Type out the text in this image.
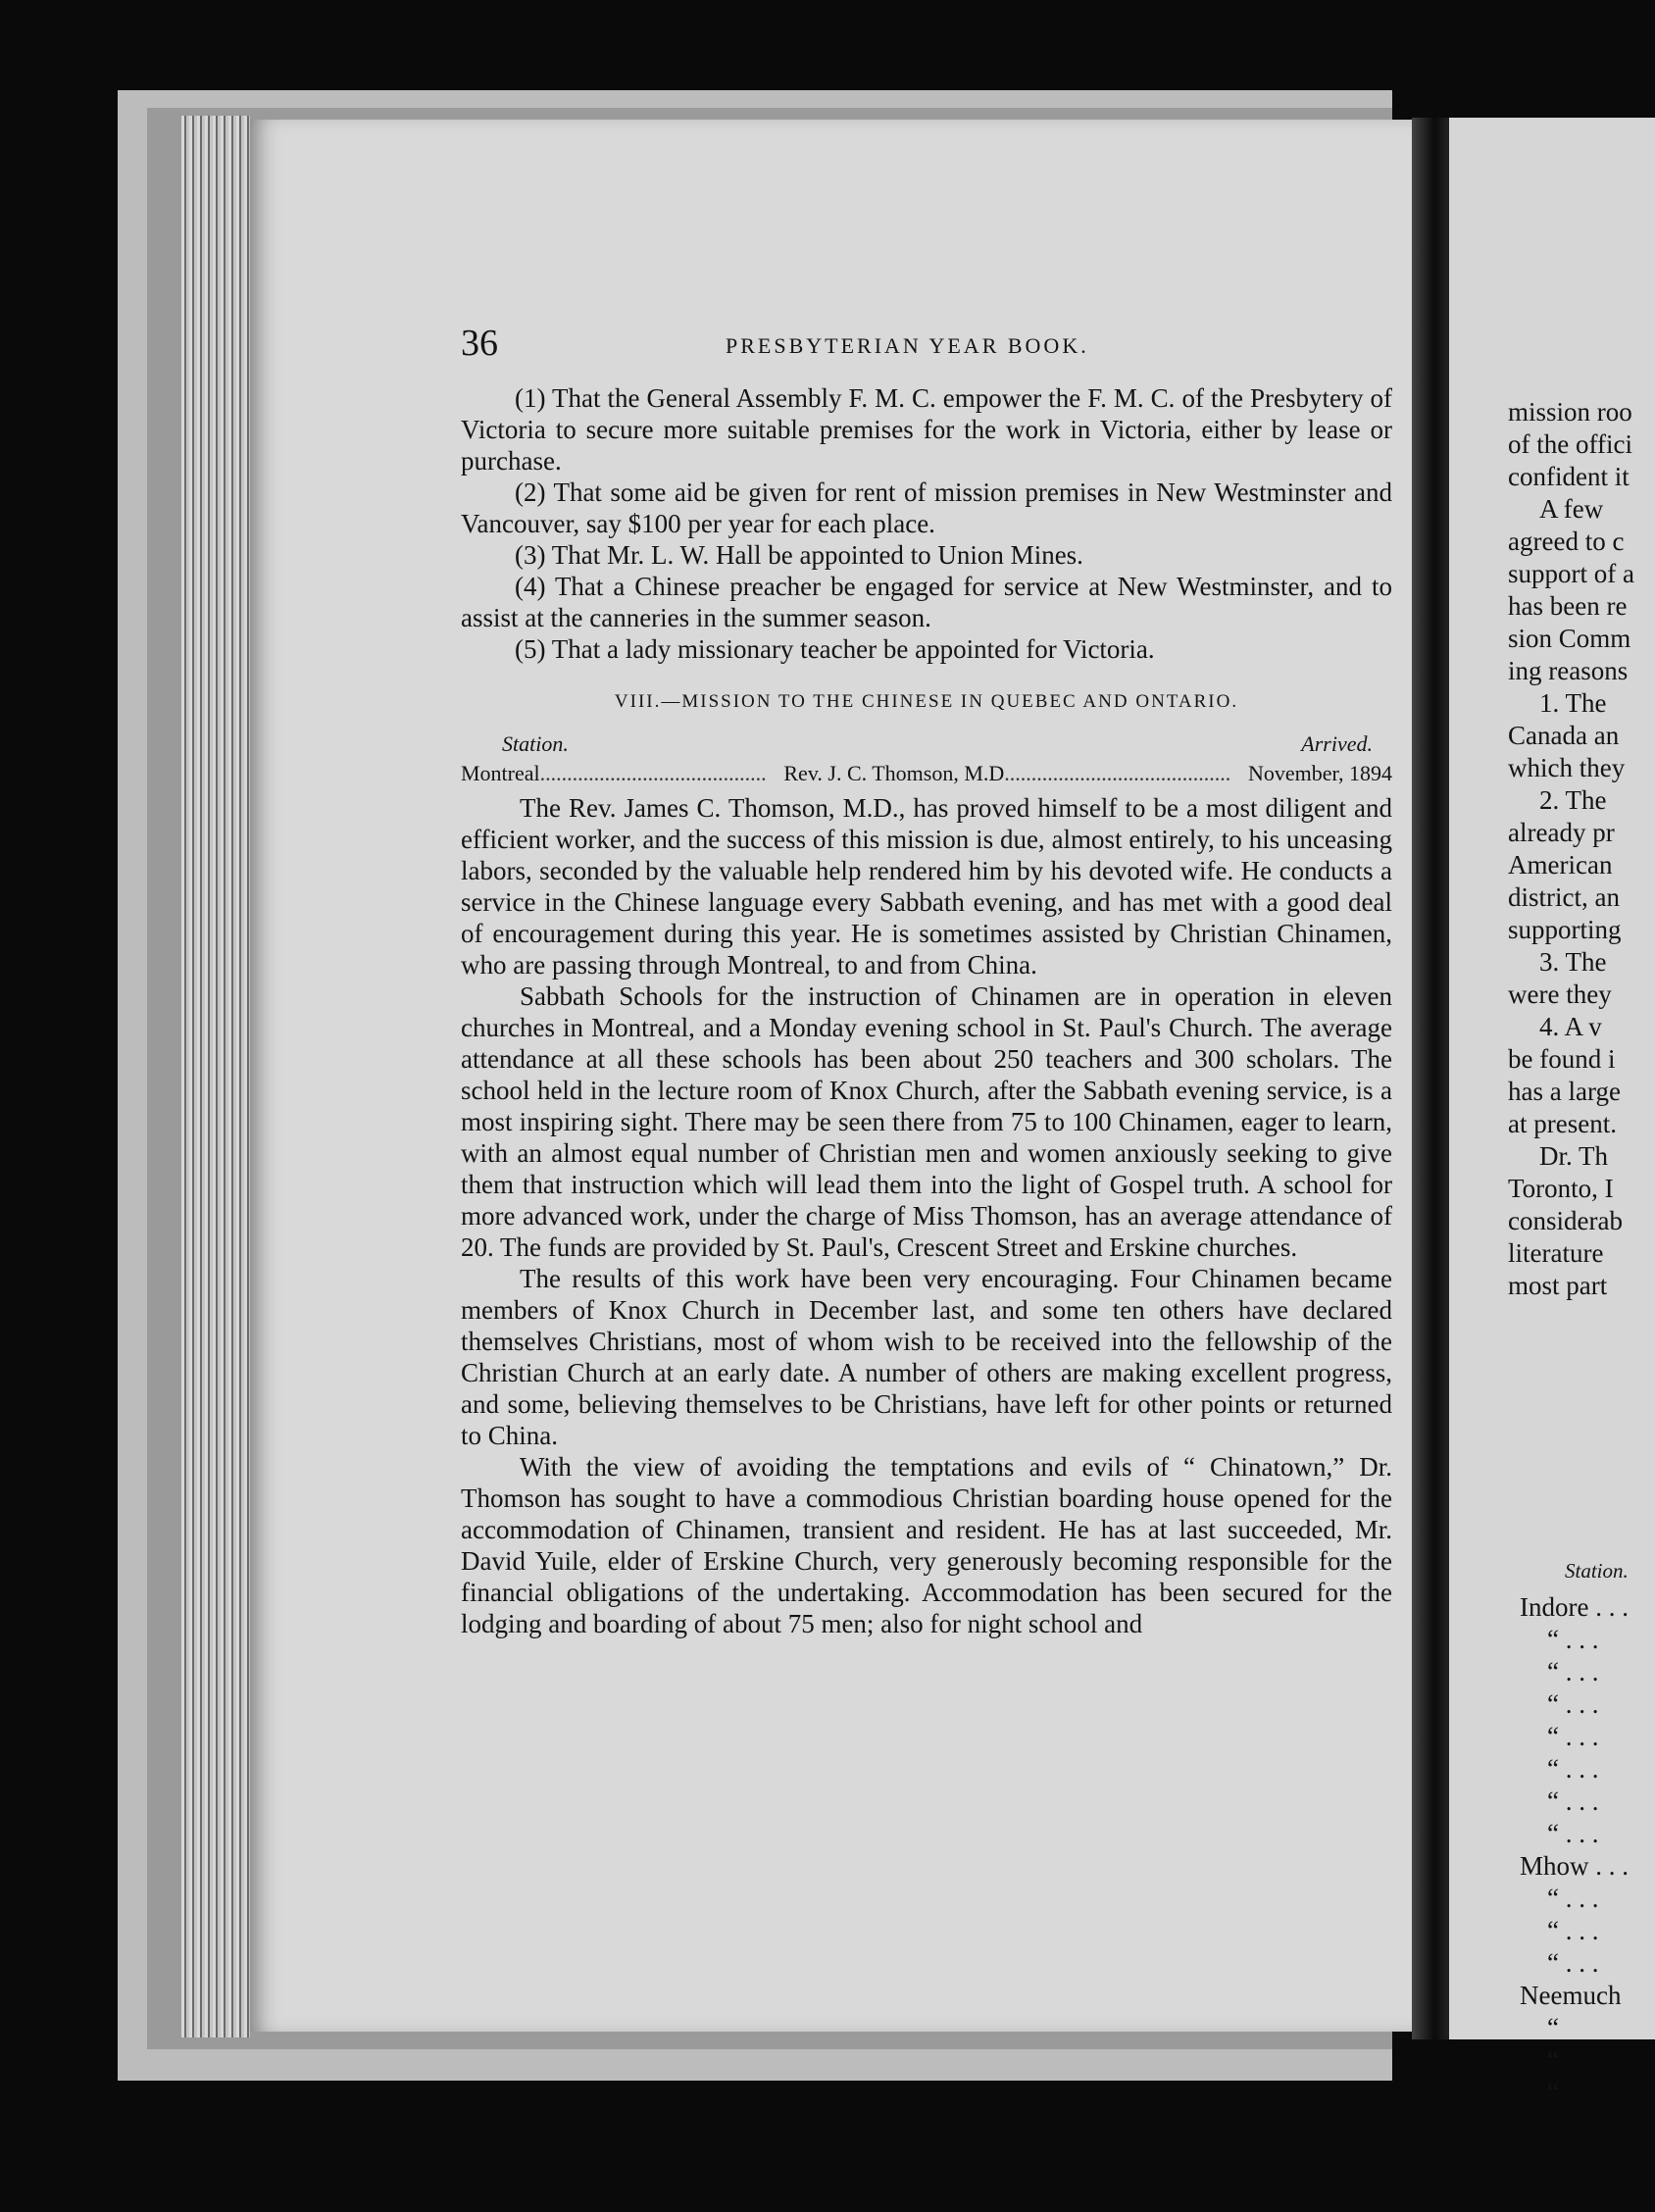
mission roo
of the offici
confident it
A few
agreed to c
support of a
has been re
sion Comm
ing reasons
1. The
Canada an
which they
2. The
already pr
American
district, an
supporting
3. The
were they
4. A v
be found i
has a large
at present.
Dr. Th
Toronto, I
considerab
literature
most part
Station.
Indore . . .
“ . . .
“ . . .
“ . . .
“ . . .
“ . . .
“ . . .
“ . . .
Mhow . . .
“ . . .
“ . . .
“ . . .
Neemuch
“
“
“
36	PRESBYTERIAN YEAR BOOK.

(1) That the General Assembly F. M. C. empower the F. M. C. of the Presbytery of Victoria to secure more suitable premises for the work in Victoria, either by lease or purchase.

(2) That some aid be given for rent of mission premises in New Westminster and Vancouver, say $100 per year for each place.

(3) That Mr. L. W. Hall be appointed to Union Mines.

(4) That a Chinese preacher be engaged for service at New Westminster, and to assist at the canneries in the summer season.

(5) That a lady missionary teacher be appointed for Victoria.

VIII.—MISSION TO THE CHINESE IN QUEBEC AND ONTARIO.
Station.	Arrived.
Montreal .......................................... Rev. J. C. Thomson, M.D .......................................... November, 1894

The Rev. James C. Thomson, M.D., has proved himself to be a most diligent and efficient worker, and the success of this mission is due, almost entirely, to his unceasing labors, seconded by the valuable help rendered him by his devoted wife. He conducts a service in the Chinese language every Sabbath evening, and has met with a good deal of encouragement during this year. He is sometimes assisted by Christian Chinamen, who are passing through Montreal, to and from China.

Sabbath Schools for the instruction of Chinamen are in operation in eleven churches in Montreal, and a Monday evening school in St. Paul's Church. The average attendance at all these schools has been about 250 teachers and 300 scholars. The school held in the lecture room of Knox Church, after the Sabbath evening service, is a most inspiring sight. There may be seen there from 75 to 100 Chinamen, eager to learn, with an almost equal number of Christian men and women anxiously seeking to give them that instruction which will lead them into the light of Gospel truth. A school for more advanced work, under the charge of Miss Thomson, has an average attendance of 20. The funds are provided by St. Paul's, Crescent Street and Erskine churches.

The results of this work have been very encouraging. Four Chinamen became members of Knox Church in December last, and some ten others have declared themselves Christians, most of whom wish to be received into the fellowship of the Christian Church at an early date. A number of others are making excellent progress, and some, believing themselves to be Christians, have left for other points or returned to China.

With the view of avoiding the temptations and evils of “ Chinatown,” Dr. Thomson has sought to have a commodious Christian boarding house opened for the accommodation of Chinamen, transient and resident. He has at last succeeded, Mr. David Yuile, elder of Erskine Church, very generously becoming responsible for the financial obligations of the undertaking. Accommodation has been secured for the lodging and boarding of about 75 men; also for night school and
